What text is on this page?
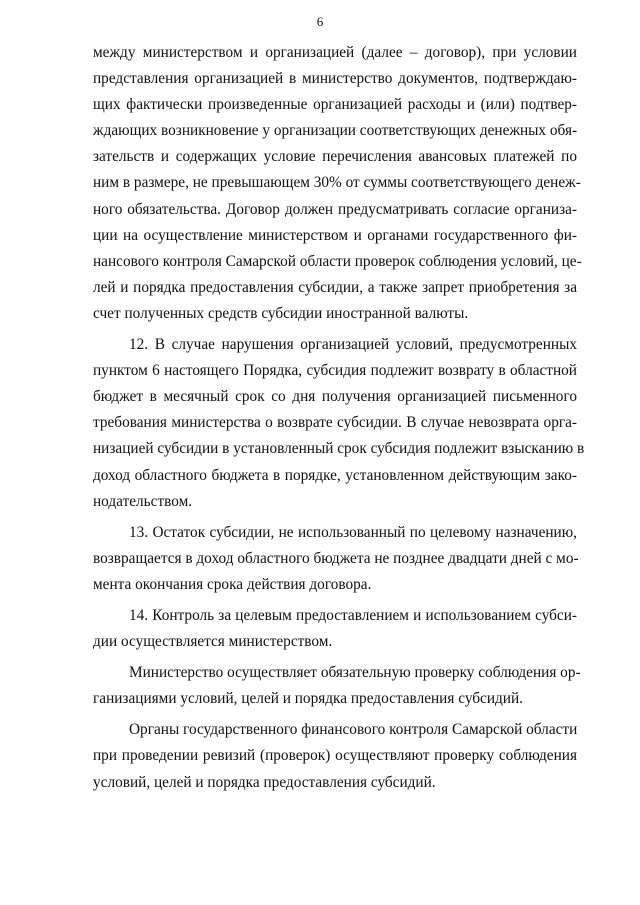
6
между министерством и организацией (далее – договор), при условии
представления организацией в министерство документов, подтверждаю-
щих фактически произведенные организацией расходы и (или) подтвер-
ждающих возникновение у организации соответствующих денежных обя-
зательств и содержащих условие перечисления авансовых платежей по
ним в размере, не превышающем 30% от суммы соответствующего денеж-
ного обязательства. Договор должен предусматривать согласие организа-
ции на осуществление министерством и органами государственного фи-
нансового контроля Самарской области проверок соблюдения условий, це-
лей и порядка предоставления субсидии, а также запрет приобретения за
счет полученных средств субсидии иностранной валюты.
12. В случае нарушения организацией условий, предусмотренных
пунктом 6 настоящего Порядка, субсидия подлежит возврату в областной
бюджет в месячный срок со дня получения организацией письменного
требования министерства о возврате субсидии. В случае невозврата орга-
низацией субсидии в установленный срок субсидия подлежит взысканию в
доход областного бюджета в порядке, установленном действующим зако-
нодательством.
13. Остаток субсидии, не использованный по целевому назначению,
возвращается в доход областного бюджета не позднее двадцати дней с мо-
мента окончания срока действия договора.
14. Контроль за целевым предоставлением и использованием субси-
дии осуществляется министерством.
Министерство осуществляет обязательную проверку соблюдения ор-
ганизациями условий, целей и порядка предоставления субсидий.
Органы государственного финансового контроля Самарской области
при проведении ревизий (проверок) осуществляют проверку соблюдения
условий, целей и порядка предоставления субсидий.
